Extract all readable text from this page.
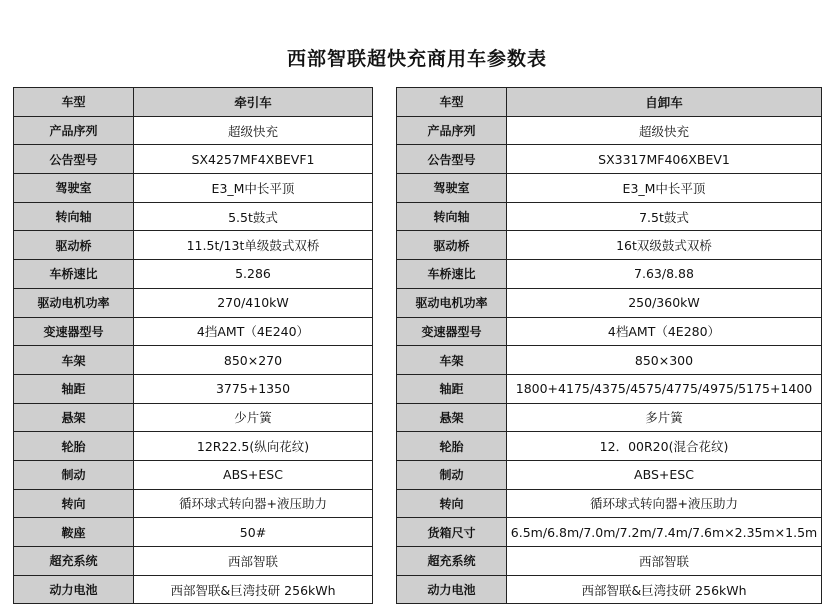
西部智联超快充商用车参数表
车型	牵引车
产品序列	超级快充
公告型号	SX4257MF4XBEVF1
驾驶室	E3_M中长平顶
转向轴	5.5t鼓式
驱动桥	11.5t/13t单级鼓式双桥
车桥速比	5.286
驱动电机功率	270/410kW
变速器型号	4挡AMT（4E240）
车架	850×270
轴距	3775+1350
悬架	少片簧
轮胎	12R22.5(纵向花纹)
制动	ABS+ESC
转向	循环球式转向器+液压助力
鞍座	50#
超充系统	西部智联
动力电池	西部智联&巨湾技研 256kWh
车型	自卸车
产品序列	超级快充
公告型号	SX3317MF406XBEV1
驾驶室	E3_M中长平顶
转向轴	7.5t鼓式
驱动桥	16t双级鼓式双桥
车桥速比	7.63/8.88
驱动电机功率	250/360kW
变速器型号	4档AMT（4E280）
车架	850×300
轴距	1800+4175/4375/4575/4775/4975/5175+1400
悬架	多片簧
轮胎	12．00R20(混合花纹)
制动	ABS+ESC
转向	循环球式转向器+液压助力
货箱尺寸	6.5m/6.8m/7.0m/7.2m/7.4m/7.6m×2.35m×1.5m
超充系统	西部智联
动力电池	西部智联&巨湾技研 256kWh
